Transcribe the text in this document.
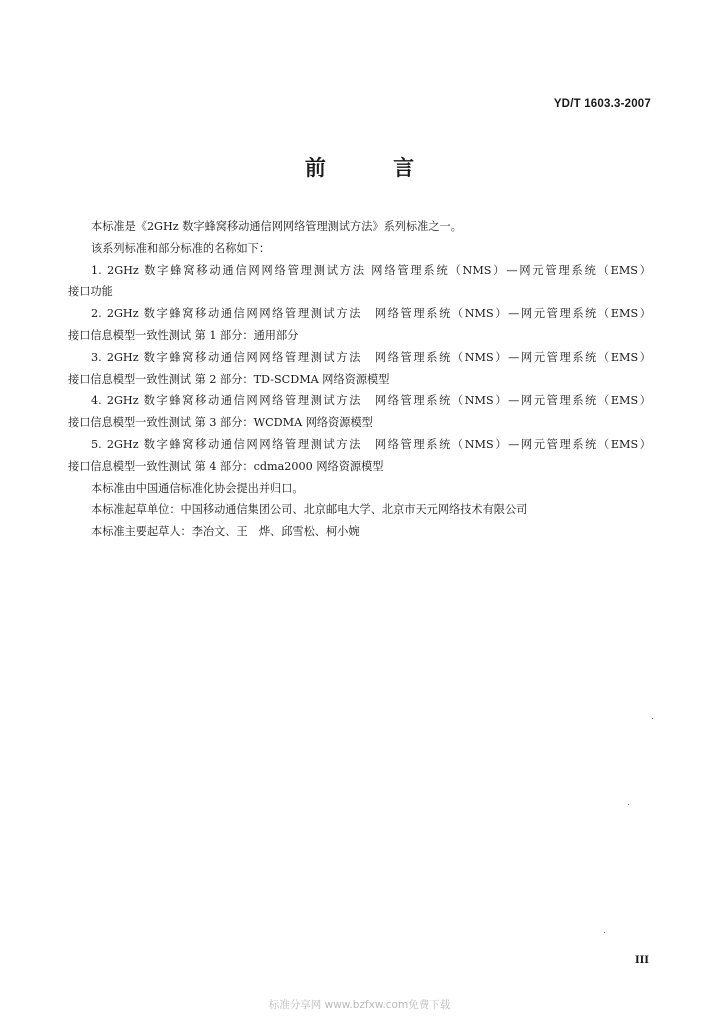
YD/T 1603.3-2007
前 言

本标准是《2GHz 数字蜂窝移动通信网网络管理测试方法》系列标准之一。

该系列标准和部分标准的名称如下：

1. 2GHz 数字蜂窝移动通信网网络管理测试方法 网络管理系统（NMS）—网元管理系统（EMS）
接口功能
2. 2GHz 数字蜂窝移动通信网网络管理测试方法　网络管理系统（NMS）—网元管理系统（EMS）
接口信息模型一致性测试 第 1 部分：通用部分
3. 2GHz 数字蜂窝移动通信网网络管理测试方法　网络管理系统（NMS）—网元管理系统（EMS）
接口信息模型一致性测试 第 2 部分：TD-SCDMA 网络资源模型
4. 2GHz 数字蜂窝移动通信网网络管理测试方法　网络管理系统（NMS）—网元管理系统（EMS）
接口信息模型一致性测试 第 3 部分：WCDMA 网络资源模型
5. 2GHz 数字蜂窝移动通信网网络管理测试方法　网络管理系统（NMS）—网元管理系统（EMS）
接口信息模型一致性测试 第 4 部分：cdma2000 网络资源模型

本标准由中国通信标准化协会提出并归口。

本标准起草单位：中国移动通信集团公司、北京邮电大学、北京市天元网络技术有限公司

本标准主要起草人：李冶文、王　烨、邱雪松、柯小婉

III
标准分享网 www.bzfxw.com免费下载
